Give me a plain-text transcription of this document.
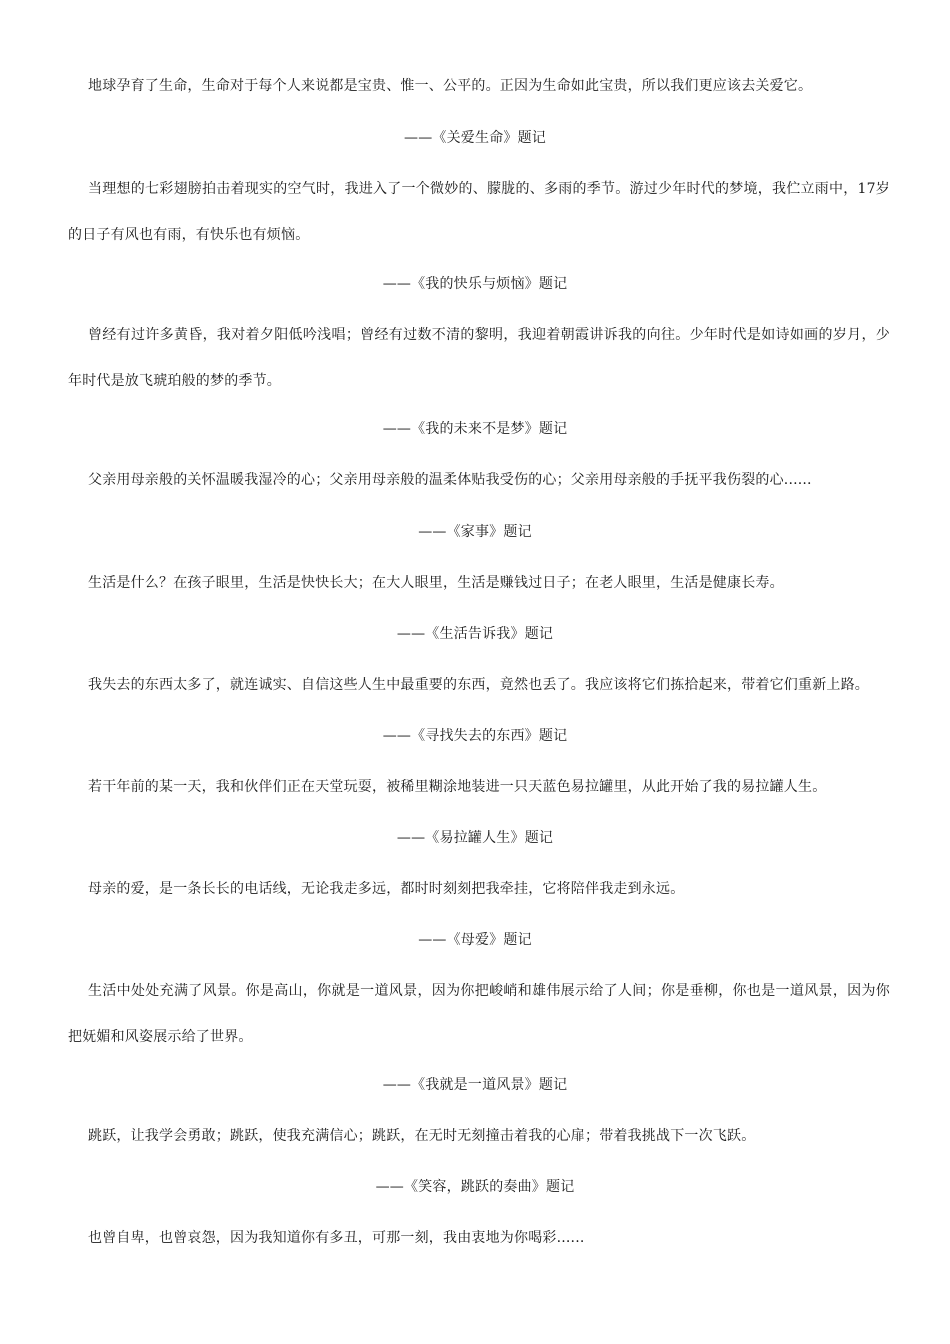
地球孕育了生命，生命对于每个人来说都是宝贵、惟一、公平的。正因为生命如此宝贵，所以我们更应该去关爱它。

——《关爱生命》题记

当理想的七彩翅膀拍击着现实的空气时，我进入了一个微妙的、朦胧的、多雨的季节。游过少年时代的梦境，我伫立雨中，17岁的日子有风也有雨，有快乐也有烦恼。

——《我的快乐与烦恼》题记

曾经有过许多黄昏，我对着夕阳低吟浅唱；曾经有过数不清的黎明，我迎着朝霞讲诉我的向往。少年时代是如诗如画的岁月，少年时代是放飞琥珀般的梦的季节。

——《我的未来不是梦》题记

父亲用母亲般的关怀温暖我湿冷的心；父亲用母亲般的温柔体贴我受伤的心；父亲用母亲般的手抚平我伤裂的心......

——《家事》题记

生活是什么？在孩子眼里，生活是快快长大；在大人眼里，生活是赚钱过日子；在老人眼里，生活是健康长寿。

——《生活告诉我》题记

我失去的东西太多了，就连诚实、自信这些人生中最重要的东西，竟然也丢了。我应该将它们拣拾起来，带着它们重新上路。

——《寻找失去的东西》题记

若干年前的某一天，我和伙伴们正在天堂玩耍，被稀里糊涂地装进一只天蓝色易拉罐里，从此开始了我的易拉罐人生。

——《易拉罐人生》题记

母亲的爱，是一条长长的电话线，无论我走多远，都时时刻刻把我牵挂，它将陪伴我走到永远。

——《母爱》题记

生活中处处充满了风景。你是高山，你就是一道风景，因为你把峻峭和雄伟展示给了人间；你是垂柳，你也是一道风景，因为你把妩媚和风姿展示给了世界。

——《我就是一道风景》题记

跳跃，让我学会勇敢；跳跃，使我充满信心；跳跃，在无时无刻撞击着我的心扉；带着我挑战下一次飞跃。

——《笑容，跳跃的奏曲》题记

也曾自卑，也曾哀怨，因为我知道你有多丑，可那一刻，我由衷地为你喝彩......
